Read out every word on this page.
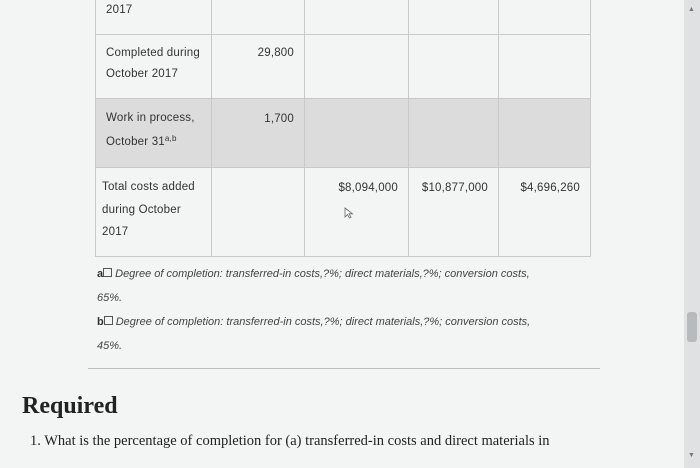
2017
Completed during
October 2017
29,800
Work in process,
October 31$^{a,b}$
1,700
Total costs added
during October
2017
$8,094,000 $10,877,000	$4,696,260

a Degree of completion: transferred-in costs,?%; direct materials,?%; conversion costs,

65%.

b Degree of completion: transferred-in costs,?%; direct materials,?%; conversion costs,

45%.

Required
1. What is the percentage of completion for (a) transferred-in costs and direct materials in
▲
▼
